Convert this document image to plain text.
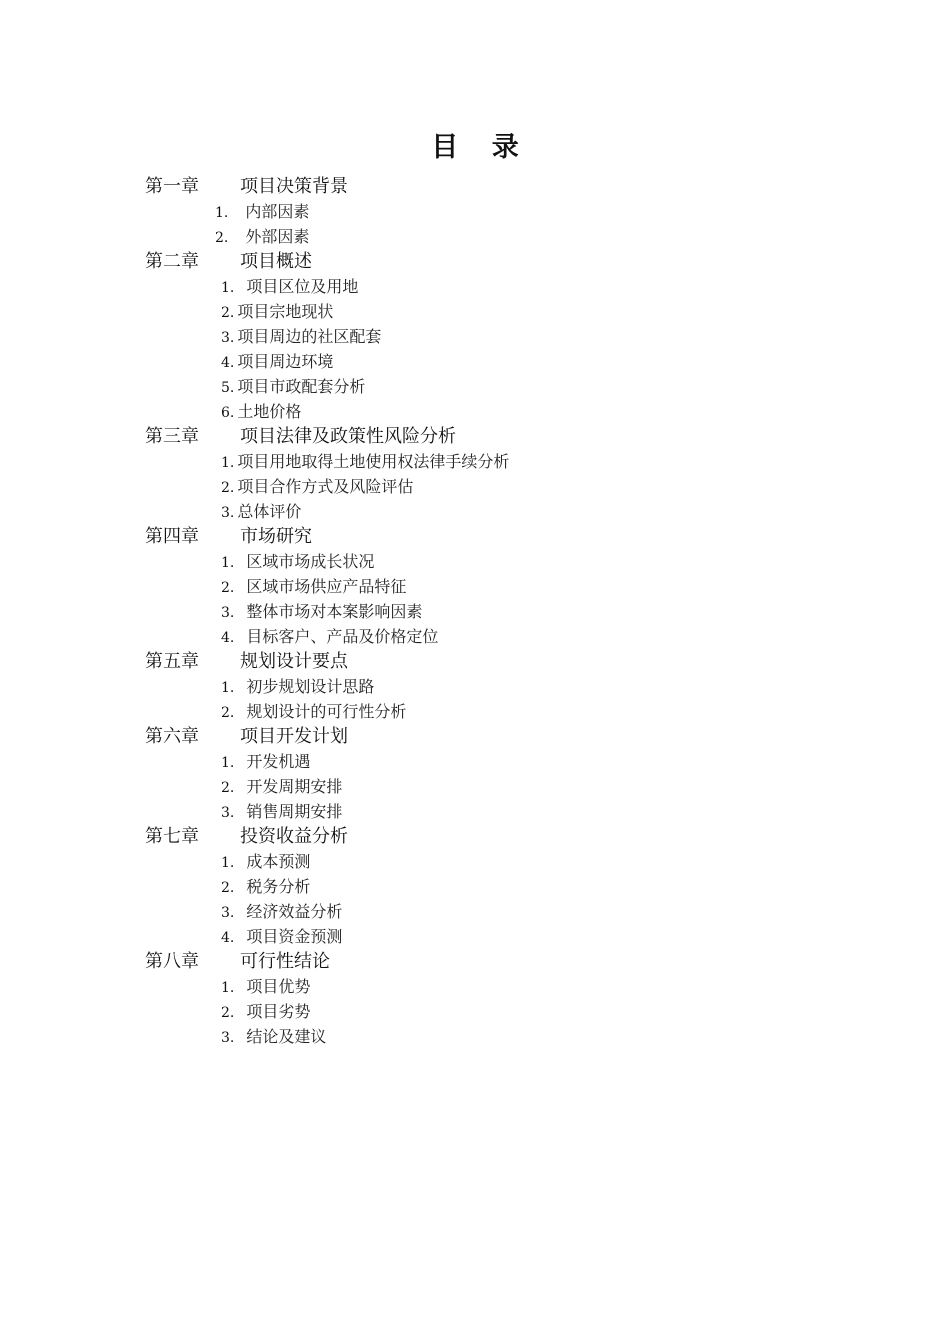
目 录
第一章 项目决策背景
1. 内部因素
2. 外部因素
第二章 项目概述
1. 项目区位及用地
2. 项目宗地现状
3. 项目周边的社区配套
4. 项目周边环境
5. 项目市政配套分析
6. 土地价格
第三章 项目法律及政策性风险分析
1. 项目用地取得土地使用权法律手续分析
2. 项目合作方式及风险评估
3. 总体评价
第四章 市场研究
1. 区域市场成长状况
2. 区域市场供应产品特征
3. 整体市场对本案影响因素
4. 目标客户、产品及价格定位
第五章 规划设计要点
1. 初步规划设计思路
2. 规划设计的可行性分析
第六章 项目开发计划
1. 开发机遇
2. 开发周期安排
3. 销售周期安排
第七章 投资收益分析
1. 成本预测
2. 税务分析
3. 经济效益分析
4. 项目资金预测
第八章 可行性结论
1. 项目优势
2. 项目劣势
3. 结论及建议
